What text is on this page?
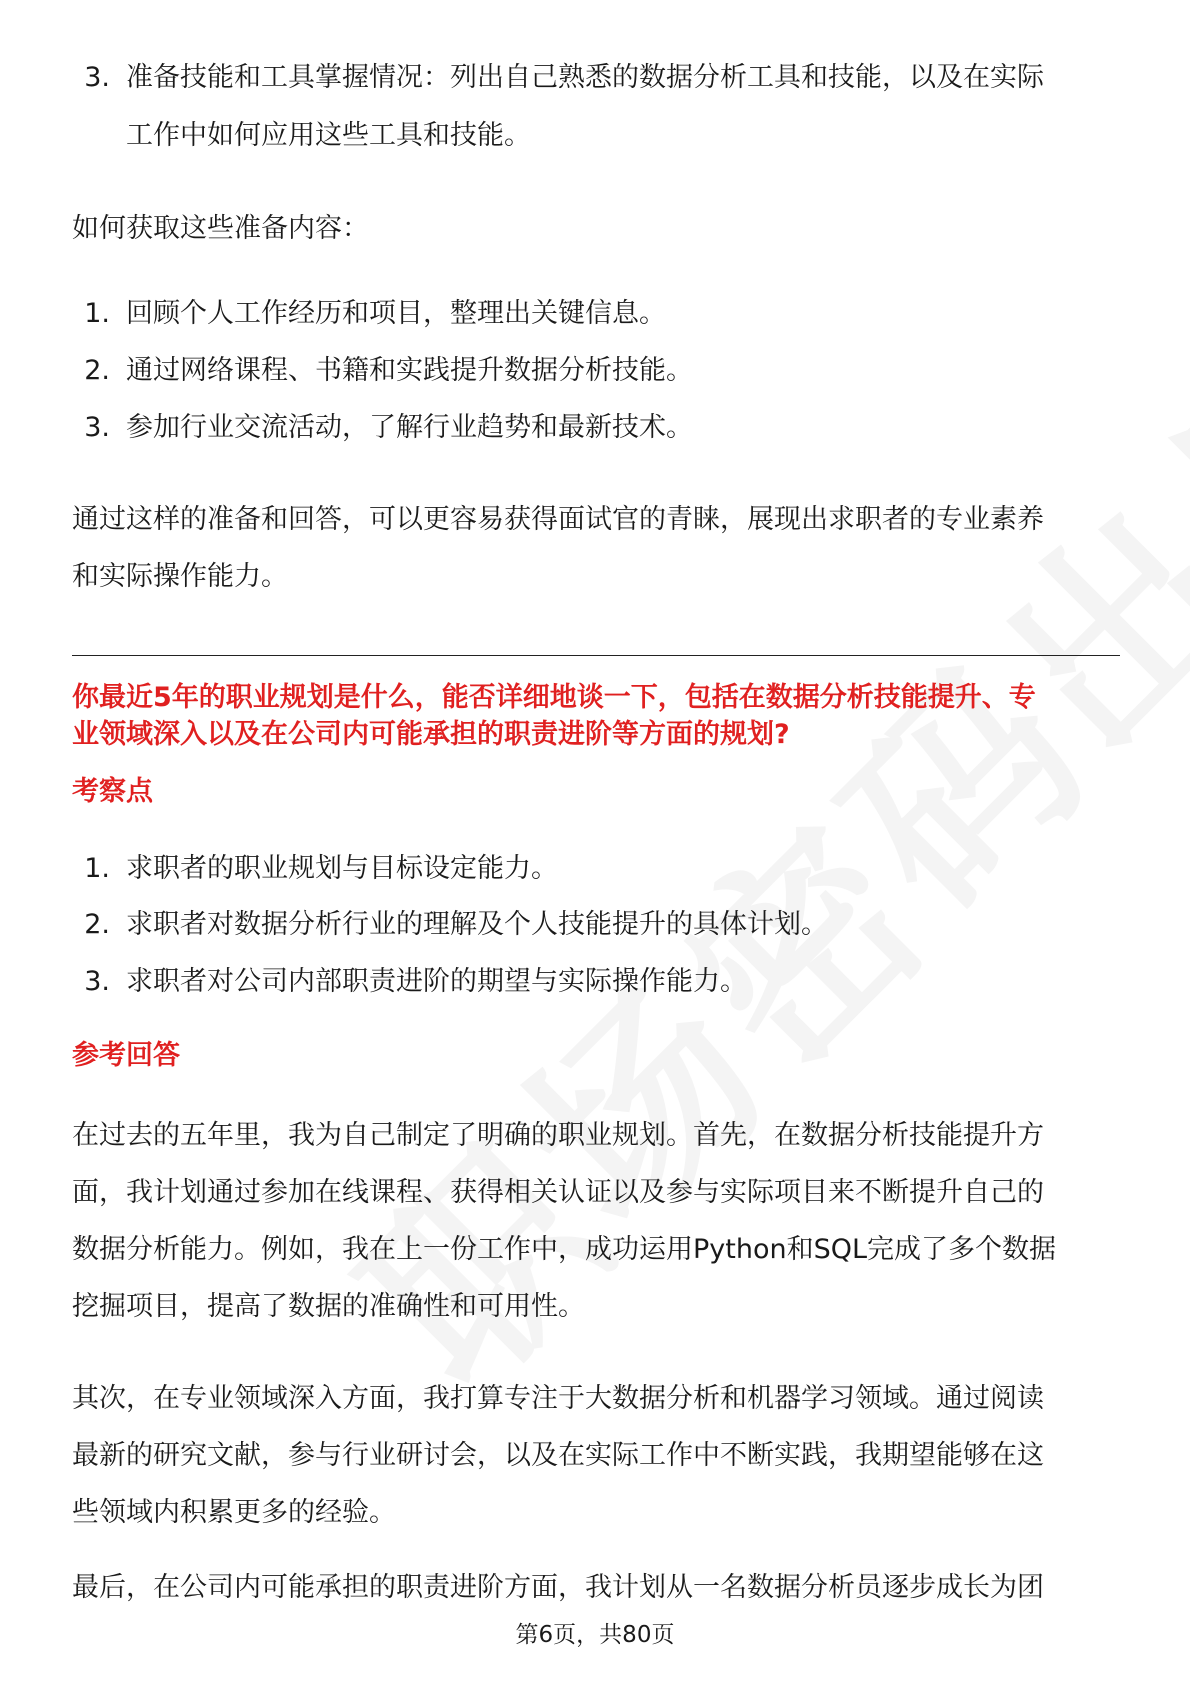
3. 准备技能和工具掌握情况：列出自己熟悉的数据分析工具和技能，以及在实际
工作中如何应用这些工具和技能。
如何获取这些准备内容：
1. 回顾个人工作经历和项目，整理出关键信息。
2. 通过网络课程、书籍和实践提升数据分析技能。
3. 参加行业交流活动，了解行业趋势和最新技术。
通过这样的准备和回答，可以更容易获得面试官的青睐，展现出求职者的专业素养
和实际操作能力。
你最近5年的职业规划是什么，能否详细地谈一下，包括在数据分析技能提升、专
业领域深入以及在公司内可能承担的职责进阶等方面的规划?
考察点
1. 求职者的职业规划与目标设定能力。
2. 求职者对数据分析行业的理解及个人技能提升的具体计划。
3. 求职者对公司内部职责进阶的期望与实际操作能力。
参考回答
在过去的五年里，我为自己制定了明确的职业规划。首先，在数据分析技能提升方
面，我计划通过参加在线课程、获得相关认证以及参与实际项目来不断提升自己的
数据分析能力。例如，我在上一份工作中，成功运用Python和SQL完成了多个数据
挖掘项目，提高了数据的准确性和可用性。
其次，在专业领域深入方面，我打算专注于大数据分析和机器学习领域。通过阅读
最新的研究文献，参与行业研讨会，以及在实际工作中不断实践，我期望能够在这
些领域内积累更多的经验。
最后，在公司内可能承担的职责进阶方面，我计划从一名数据分析员逐步成长为团
第6页，共80页
